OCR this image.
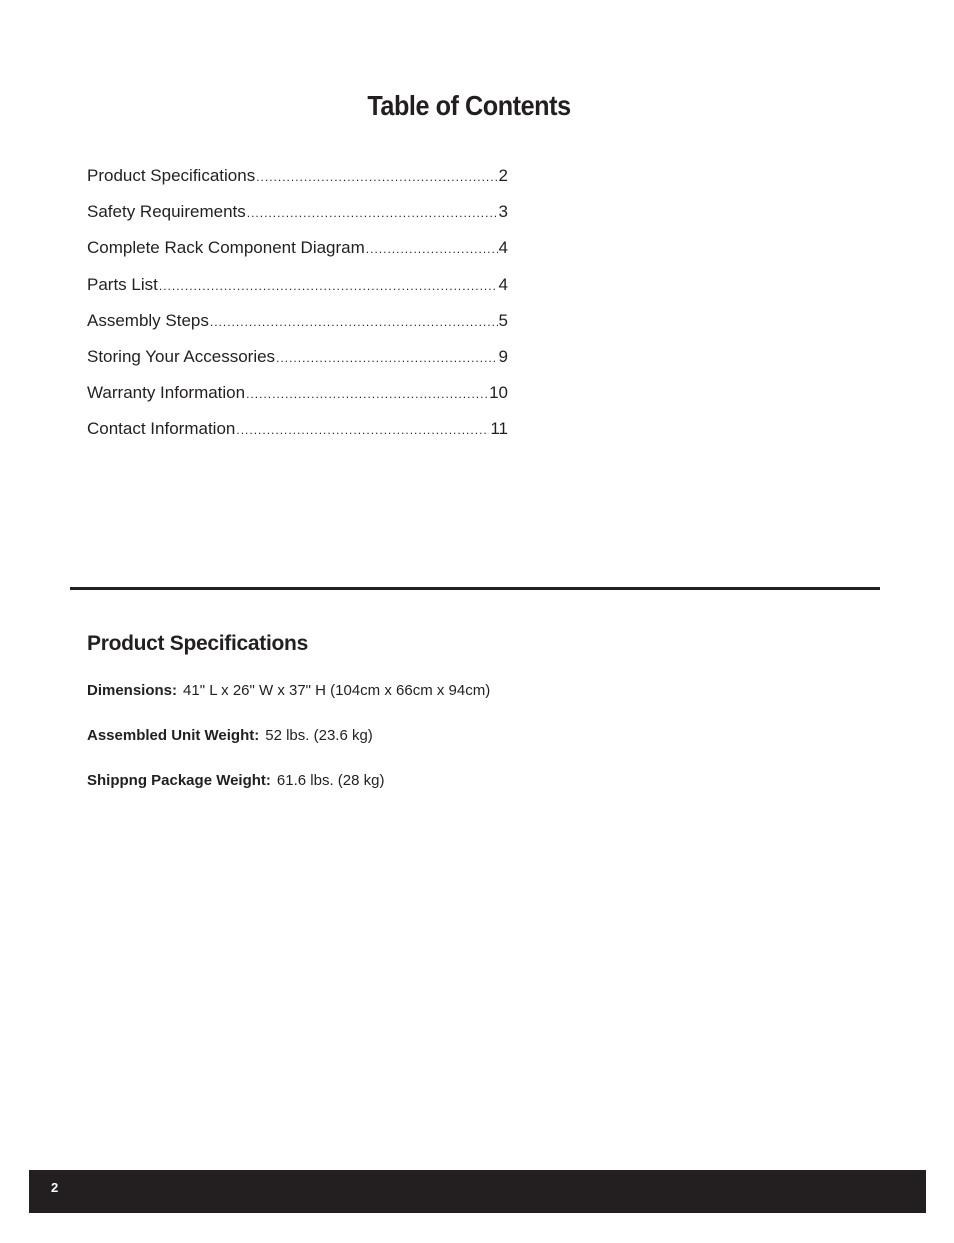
Table of Contents
Product Specifications .....	2
Safety Requirements .....	3
Complete Rack Component Diagram .....	4
Parts List .....	4
Assembly Steps .....	5
Storing Your Accessories .....	9
Warranty Information .....	10
Contact Information .....	11
Product Specifications

Dimensions: 41" L x 26" W x 37" H (104cm x 66cm x 94cm)

Assembled Unit Weight: 52 lbs. (23.6 kg)

Shippng Package Weight: 61.6 lbs. (28 kg)

2
